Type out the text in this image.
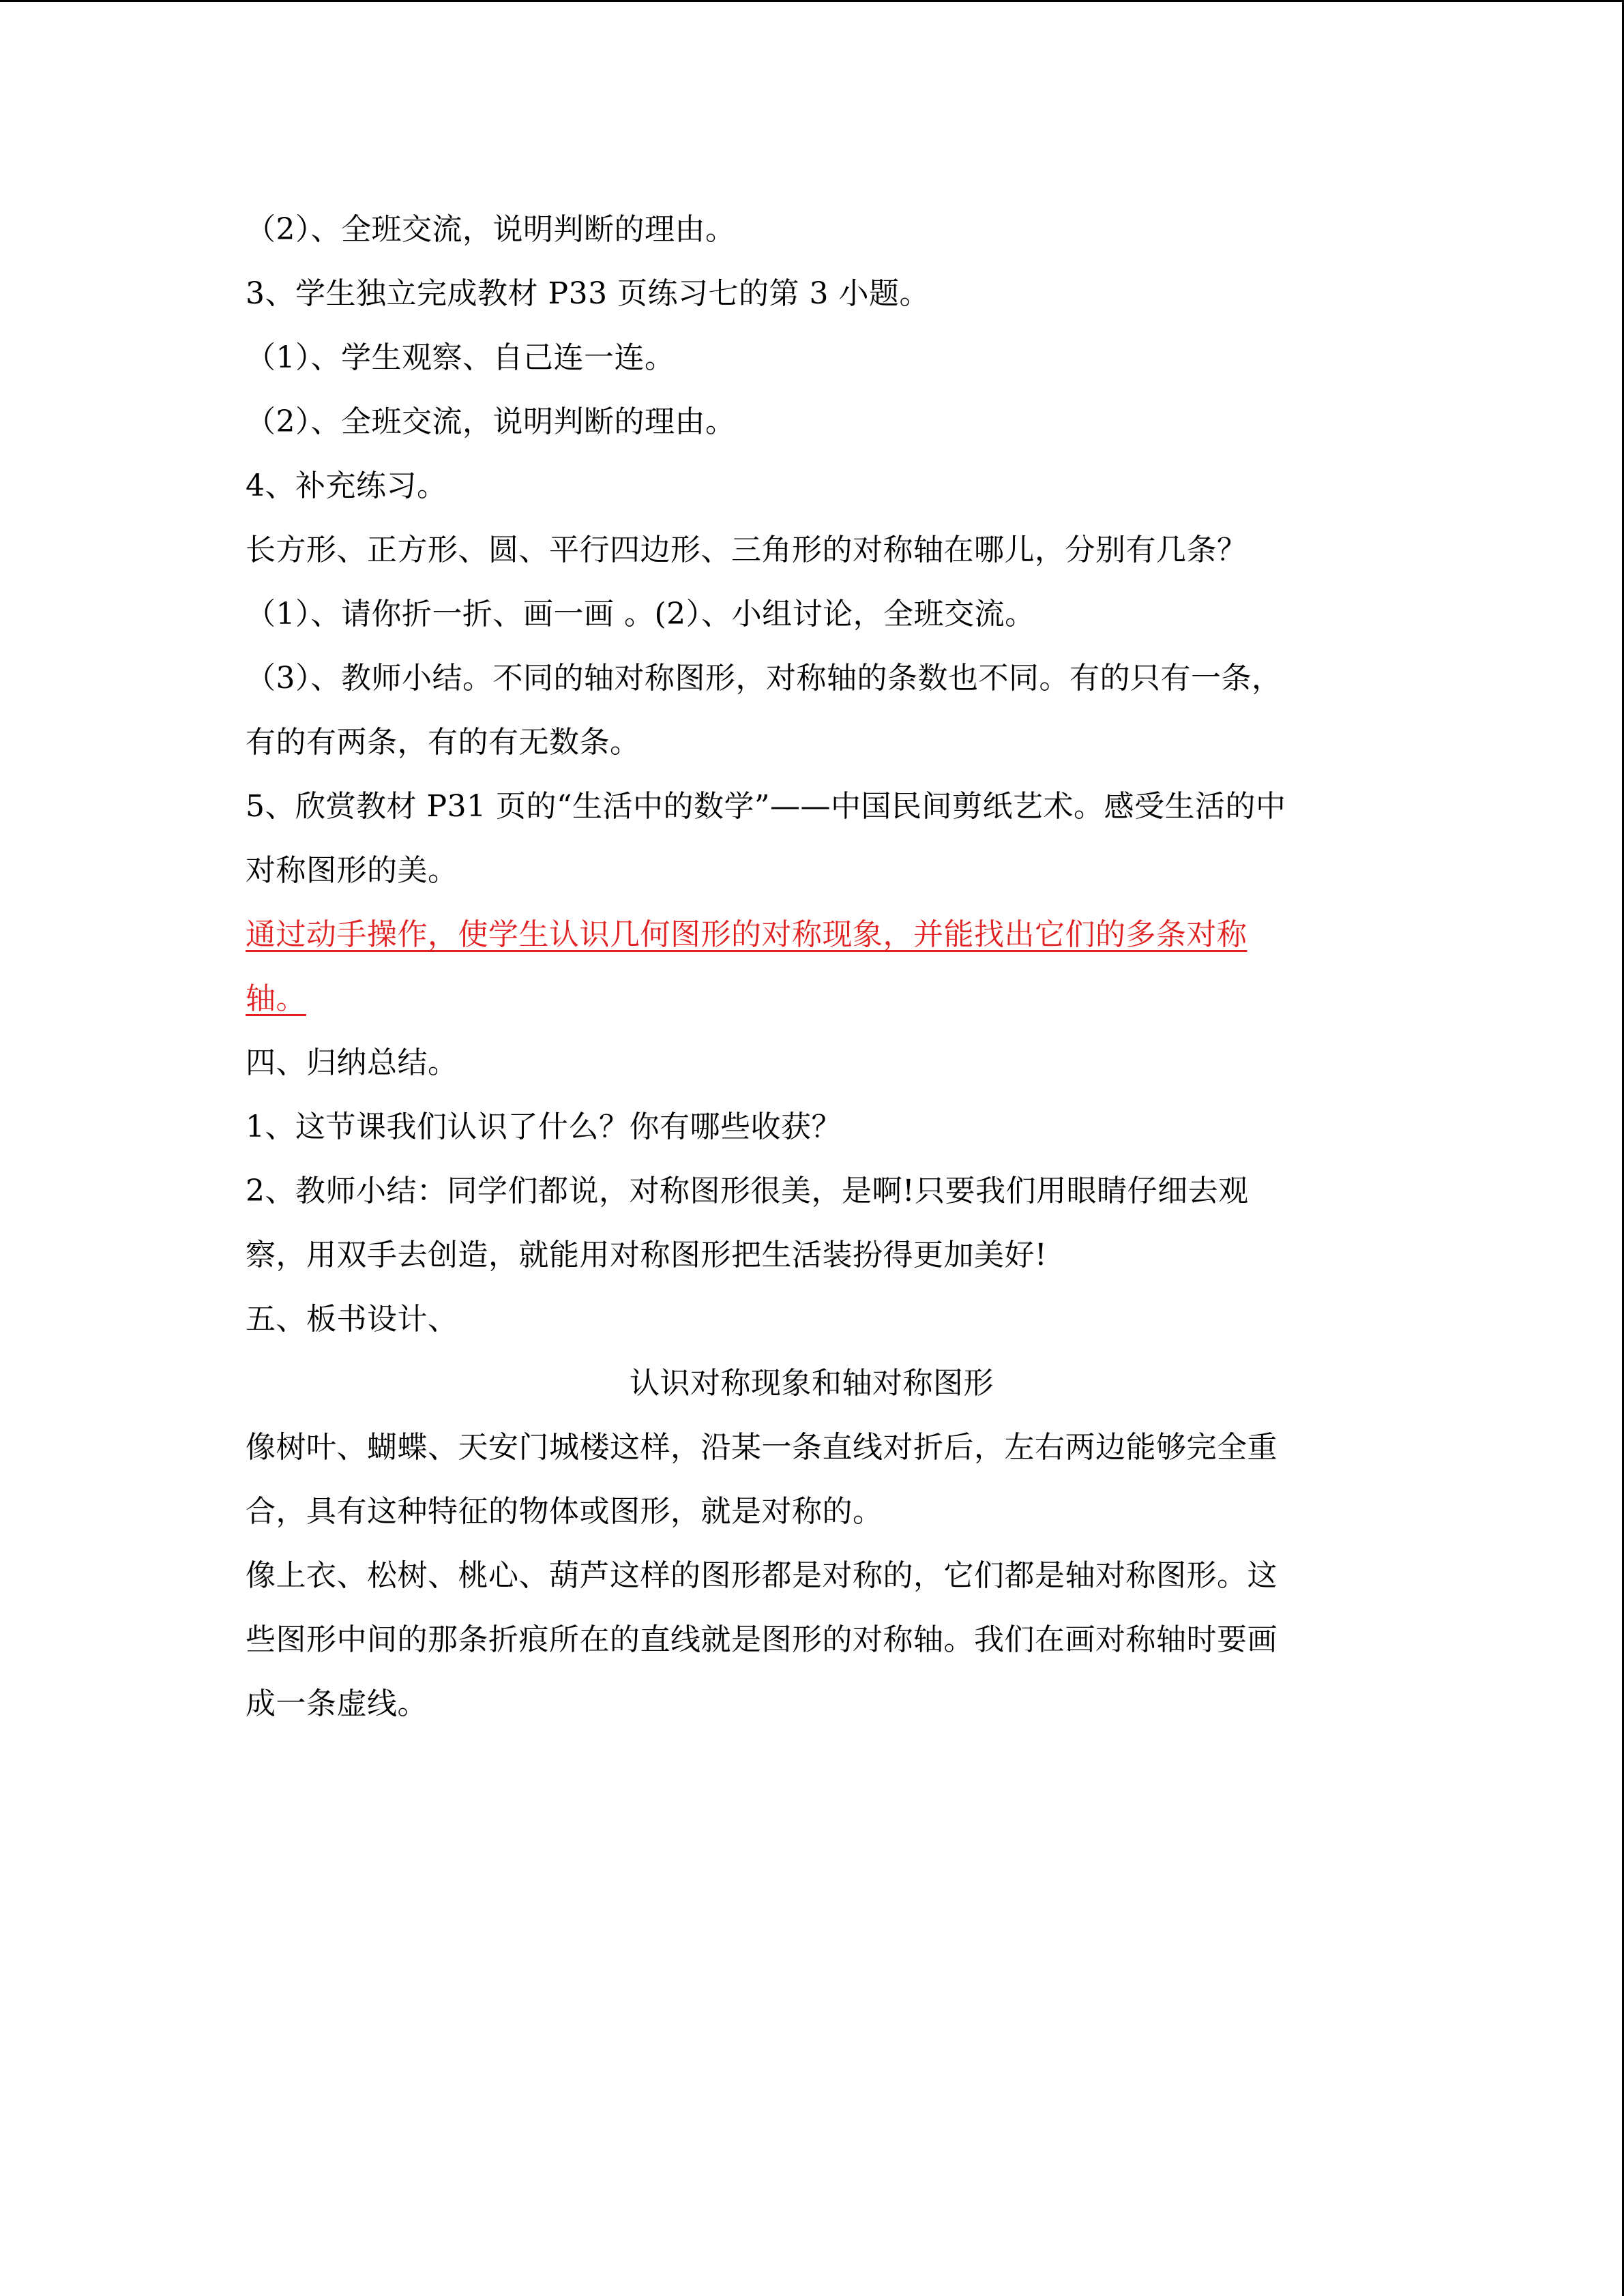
（2）、全班交流，说明判断的理由。
3、学生独立完成教材 P33 页练习七的第 3 小题。
（1）、学生观察、自己连一连。
（2）、全班交流，说明判断的理由。
4、补充练习。
长方形、正方形、圆、平行四边形、三角形的对称轴在哪儿，分别有几条？
（1）、请你折一折、画一画 。(2）、小组讨论，全班交流。
（3）、教师小结。不同的轴对称图形，对称轴的条数也不同。有的只有一条，
有的有两条，有的有无数条。
5、欣赏教材 P31 页的“生活中的数学”——中国民间剪纸艺术。感受生活的中
对称图形的美。
通过动手操作，使学生认识几何图形的对称现象，并能找出它们的多条对称
轴。
四、归纳总结。
1、这节课我们认识了什么？你有哪些收获？
2、教师小结：同学们都说，对称图形很美，是啊!只要我们用眼睛仔细去观
察，用双手去创造，就能用对称图形把生活装扮得更加美好!
五、板书设计、
认识对称现象和轴对称图形
像树叶、蝴蝶、天安门城楼这样，沿某一条直线对折后，左右两边能够完全重
合，具有这种特征的物体或图形，就是对称的。
像上衣、松树、桃心、葫芦这样的图形都是对称的，它们都是轴对称图形。这
些图形中间的那条折痕所在的直线就是图形的对称轴。我们在画对称轴时要画
成一条虚线。
